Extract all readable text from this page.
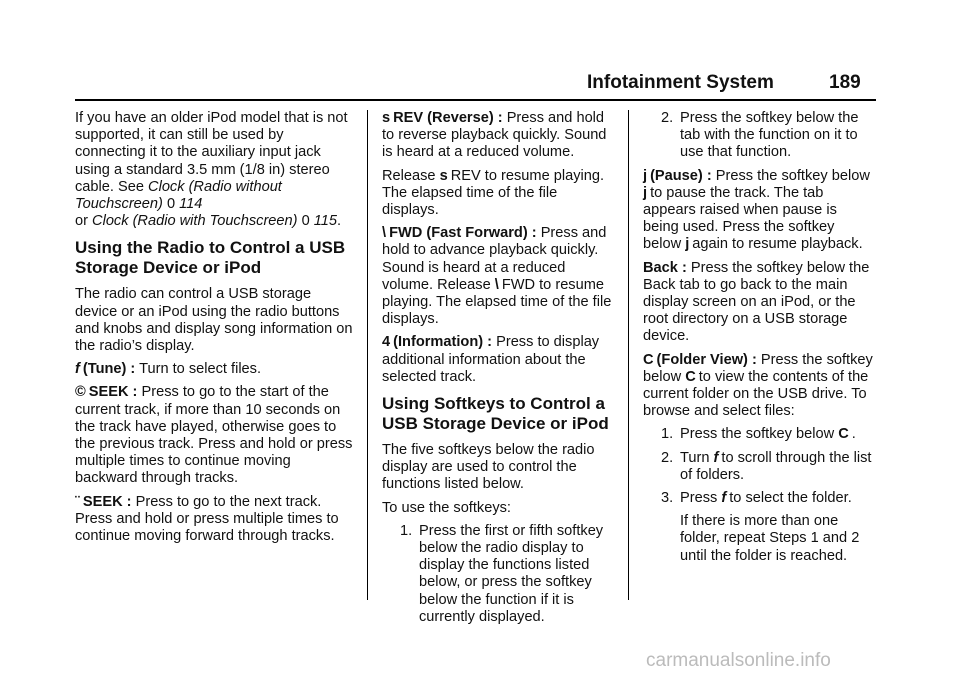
Infotainment System	189

If you have an older iPod model that is not supported, it can still be used by connecting it to the auxiliary input jack using a standard 3.5 mm (1/8 in) stereo cable. See Clock (Radio without Touchscreen) 0 114
or Clock (Radio with Touchscreen) 0 115.

Using the Radio to Control a USB Storage Device or iPod

The radio can control a USB storage device or an iPod using the radio buttons and knobs and display song information on the radio’s display.

f (Tune) : Turn to select files.

© SEEK : Press to go to the start of the current track, if more than 10 seconds on the track have played, otherwise goes to the previous track. Press and hold or press multiple times to continue moving backward through tracks.

¨ SEEK : Press to go to the next track. Press and hold or press multiple times to continue moving forward through tracks.

s REV (Reverse) : Press and hold to reverse playback quickly. Sound is heard at a reduced volume.

Release s REV to resume playing. The elapsed time of the file displays.

\ FWD (Fast Forward) : Press and hold to advance playback quickly. Sound is heard at a reduced volume. Release \ FWD to resume playing. The elapsed time of the file displays.

4 (Information) : Press to display additional information about the selected track.

Using Softkeys to Control a USB Storage Device or iPod

The five softkeys below the radio display are used to control the functions listed below.

To use the softkeys:

1. Press the first or fifth softkey below the radio display to display the functions listed below, or press the softkey below the function if it is currently displayed.
2. Press the softkey below the tab with the function on it to use that function.

j (Pause) : Press the softkey below j to pause the track. The tab appears raised when pause is being used. Press the softkey below j again to resume playback.

Back : Press the softkey below the Back tab to go back to the main display screen on an iPod, or the root directory on a USB storage device.

C (Folder View) : Press the softkey below C to view the contents of the current folder on the USB drive. To browse and select files:

1. Press the softkey below C .
2. Turn f to scroll through the list of folders.
3. Press f to select the folder.

If there is more than one folder, repeat Steps 1 and 2 until the folder is reached.

carmanualsonline.info
